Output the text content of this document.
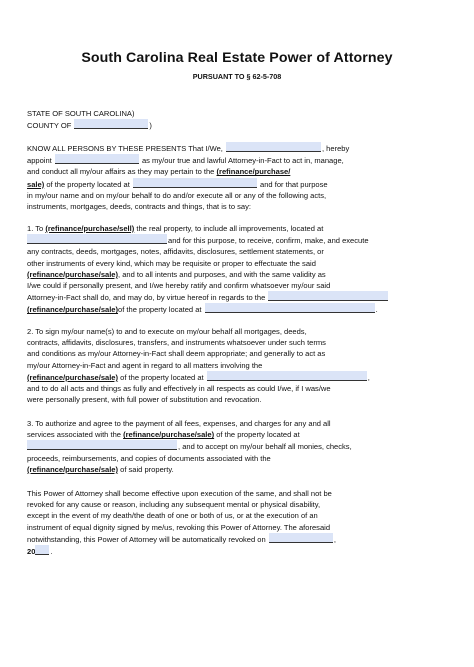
South Carolina Real Estate Power of Attorney
PURSUANT TO § 62-5-708
STATE OF SOUTH CAROLINA)
COUNTY OF	)
KNOW ALL PERSONS BY THESE PRESENTS That I/We,	, hereby
appoint	as my/our true and lawful Attorney-in-Fact to act in, manage,
and conduct all my/our affairs as they may pertain to the (refinance/purchase/
sale) of the property located at	and for that purpose
in my/our name and on my/our behalf to do and/or execute all or any of the following acts,
instruments, mortgages, deeds, contracts and things, that is to say:
1. To (refinance/purchase/sell) the real property, to include all improvements, located at
and for this purpose, to receive, confirm, make, and execute
any contracts, deeds, mortgages, notes, affidavits, disclosures, settlement statements, or
other instruments of every kind, which may be requisite or proper to effectuate the said
(refinance/purchase/sale), and to all intents and purposes, and with the same validity as
I/we could if personally present, and I/we hereby ratify and confirm whatsoever my/our said
Attorney-in-Fact shall do, and may do, by virtue hereof in regards to the
(refinance/purchase/sale)of the property located at	.
2. To sign my/our name(s) to and to execute on my/our behalf all mortgages, deeds,
contracts, affidavits, disclosures, transfers, and instruments whatsoever under such terms
and conditions as my/our Attorney-in-Fact shall deem appropriate; and generally to act as
my/our Attorney-in-Fact and agent in regard to all matters involving the
(refinance/purchase/sale) of the property located at	,
and to do all acts and things as fully and effectively in all respects as could I/we, if I was/we
were personally present, with full power of substitution and revocation.
3. To authorize and agree to the payment of all fees, expenses, and charges for any and all
services associated with the (refinance/purchase/sale) of the property located at
, and to accept on my/our behalf all monies, checks,
proceeds, reimbursements, and copies of documents associated with the
(refinance/purchase/sale) of said property.
This Power of Attorney shall become effective upon execution of the same, and shall not be
revoked for any cause or reason, including any subsequent mental or physical disability,
except in the event of my death/the death of one or both of us, or at the execution of an
instrument of equal dignity signed by me/us, revoking this Power of Attorney. The aforesaid
notwithstanding, this Power of Attorney will be automatically revoked on	,
20 .
